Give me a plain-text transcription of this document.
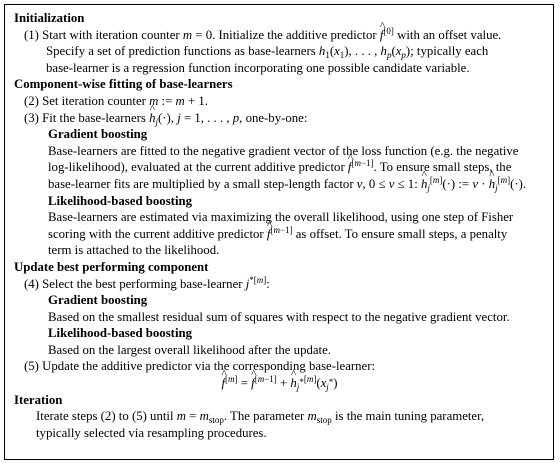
Initialization
(1) Start with iteration counter m = 0. Initialize the additive predictor ^ f[0] with an offset value.
Specify a set of prediction functions as base-learners $h_1(x_1)$, . . . , $h_p(x_p)$; typically each
base-learner is a regression function incorporating one possible candidate variable.
Component-wise fitting of base-learners
(2) Set iteration counter m := m + 1.
(3) Fit the base-learners ^ $h_j(\cdot)$, j = 1, . . . , p, one-by-one:
Gradient boosting
Base-learners are fitted to the negative gradient vector of the loss function (e.g. the negative
log-likelihood), evaluated at the current additive predictor ^ f[m−1]. To ensure small steps, the
base-learner fits are multiplied by a small step-length factor ν, 0 ≤ ν ≤ 1: ^ $h_j[m](\cdot)$ := ν · ^ $h_j[m](\cdot)$.
Likelihood-based boosting
Base-learners are estimated via maximizing the overall likelihood, using one step of Fisher
scoring with the current additive predictor ^ f[m−1] as offset. To ensure small steps, a penalty
term is attached to the likelihood.
Update best performing component
(4) Select the best performing base-learner $j^{*[m]}$:
Gradient boosting
Based on the smallest residual sum of squares with respect to the negative gradient vector.
Likelihood-based boosting
Based on the largest overall likelihood after the update.
(5) Update the additive predictor via the corresponding base-learner:
^ f[m] = ^ f[m−1] + ^ $h_{j^*}[m](x_{j^*})$
Iteration
Iterate steps (2) to (5) until $m = m_{stop}$. The parameter $m_{stop}$ is the main tuning parameter,
typically selected via resampling procedures.
